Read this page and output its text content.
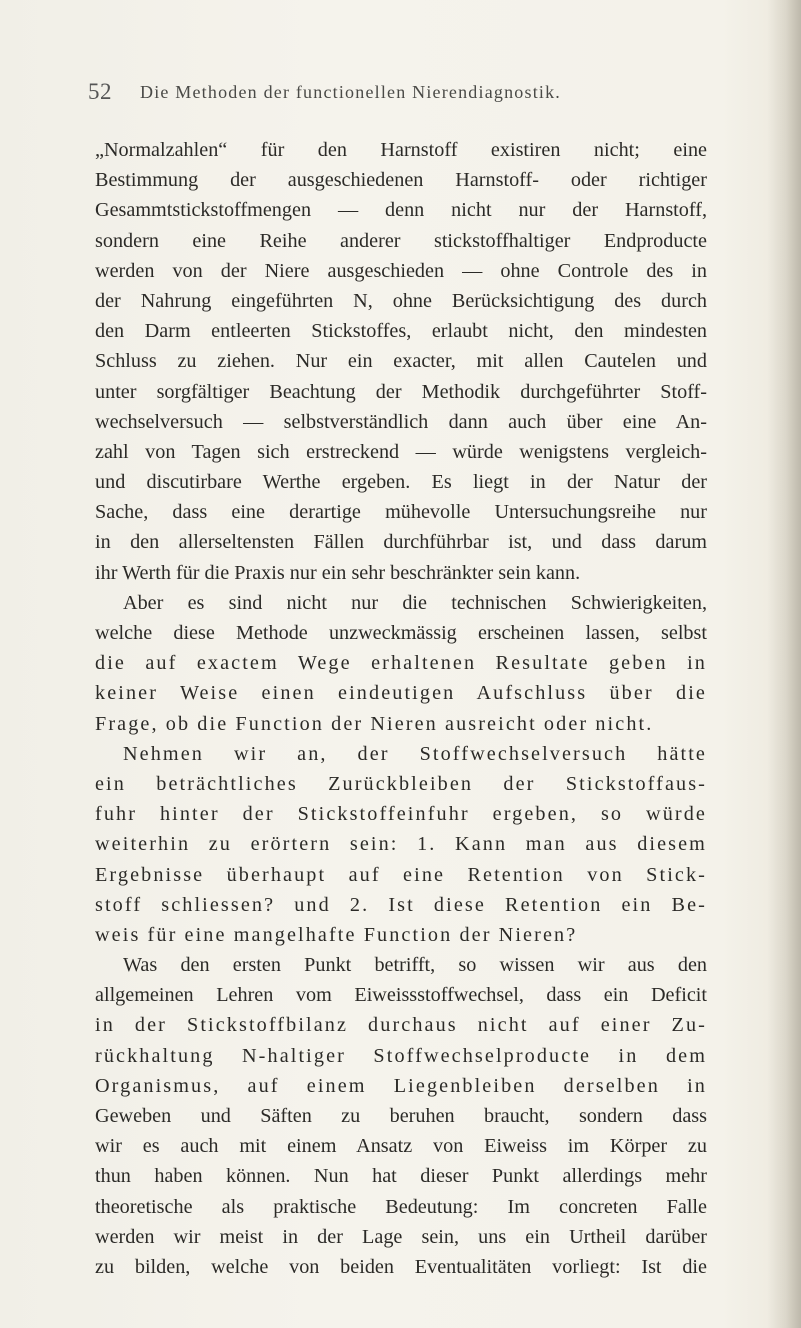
52 Die Methoden der functionellen Nierendiagnostik.
„Normalzahlen“ für den Harnstoff existiren nicht; eine
Bestimmung der ausgeschiedenen Harnstoff- oder richtiger
Gesammtstickstoffmengen — denn nicht nur der Harnstoff,
sondern eine Reihe anderer stickstoffhaltiger Endproducte
werden von der Niere ausgeschieden — ohne Controle des in
der Nahrung eingeführten N, ohne Berücksichtigung des durch
den Darm entleerten Stickstoffes, erlaubt nicht, den mindesten
Schluss zu ziehen. Nur ein exacter, mit allen Cautelen und
unter sorgfältiger Beachtung der Methodik durchgeführter Stoff-
wechselversuch — selbstverständlich dann auch über eine An-
zahl von Tagen sich erstreckend — würde wenigstens vergleich-
und discutirbare Werthe ergeben. Es liegt in der Natur der
Sache, dass eine derartige mühevolle Untersuchungsreihe nur
in den allerseltensten Fällen durchführbar ist, und dass darum
ihr Werth für die Praxis nur ein sehr beschränkter sein kann.
Aber es sind nicht nur die technischen Schwierigkeiten,
welche diese Methode unzweckmässig erscheinen lassen, selbst
die auf exactem Wege erhaltenen Resultate geben in
keiner Weise einen eindeutigen Aufschluss über die
Frage, ob die Function der Nieren ausreicht oder nicht.
Nehmen wir an, der Stoffwechselversuch hätte
ein beträchtliches Zurückbleiben der Stickstoffaus-
fuhr hinter der Stickstoffeinfuhr ergeben, so würde
weiterhin zu erörtern sein: 1. Kann man aus diesem
Ergebnisse überhaupt auf eine Retention von Stick-
stoff schliessen? und 2. Ist diese Retention ein Be-
weis für eine mangelhafte Function der Nieren?
Was den ersten Punkt betrifft, so wissen wir aus den
allgemeinen Lehren vom Eiweissstoffwechsel, dass ein Deficit
in der Stickstoffbilanz durchaus nicht auf einer Zu-
rückhaltung N-haltiger Stoffwechselproducte in dem
Organismus, auf einem Liegenbleiben derselben in
Geweben und Säften zu beruhen braucht, sondern dass
wir es auch mit einem Ansatz von Eiweiss im Körper zu
thun haben können. Nun hat dieser Punkt allerdings mehr
theoretische als praktische Bedeutung: Im concreten Falle
werden wir meist in der Lage sein, uns ein Urtheil darüber
zu bilden, welche von beiden Eventualitäten vorliegt: Ist die
